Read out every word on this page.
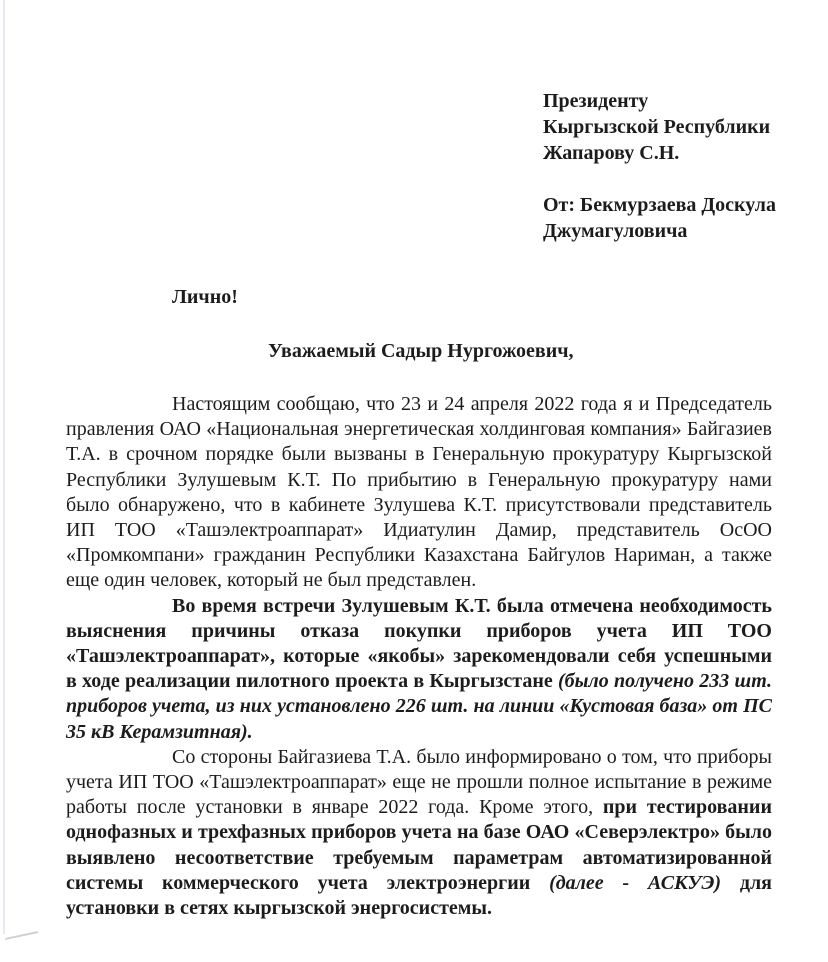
Президенту
Кыргызской Республики
Жапарову С.Н.
От: Бекмурзаева Доскула
Джумагуловича
Лично!
Уважаемый Садыр Нургожоевич,

Настоящим сообщаю, что 23 и 24 апреля 2022 года я и Председатель правления ОАО «Национальная энергетическая холдинговая компания» Байгазиев Т.А. в срочном порядке были вызваны в Генеральную прокуратуру Кыргызской Республики Зулушевым К.Т. По прибытию в Генеральную прокуратуру нами было обнаружено, что в кабинете Зулушева К.Т. присутствовали представитель ИП ТОО «Ташэлектроаппарат» Идиатулин Дамир, представитель ОсОО «Промкомпани» гражданин Республики Казахстана Байгулов Нариман, а также еще один человек, который не был представлен.

Во время встречи Зулушевым К.Т. была отмечена необходимость выяснения причины отказа покупки приборов учета ИП ТОО «Ташэлектроаппарат», которые «якобы» зарекомендовали себя успешными в ходе реализации пилотного проекта в Кыргызстане (было получено 233 шт. приборов учета, из них установлено 226 шт. на линии «Кустовая база» от ПС 35 кВ Керамзитная).

Со стороны Байгазиева Т.А. было информировано о том, что приборы учета ИП ТОО «Ташэлектроаппарат» еще не прошли полное испытание в режиме работы после установки в январе 2022 года. Кроме этого, при тестировании однофазных и трехфазных приборов учета на базе ОАО «Северэлектро» было выявлено несоответствие требуемым параметрам автоматизированной системы коммерческого учета электроэнергии (далее - АСКУЭ) для установки в сетях кыргызской энергосистемы.
